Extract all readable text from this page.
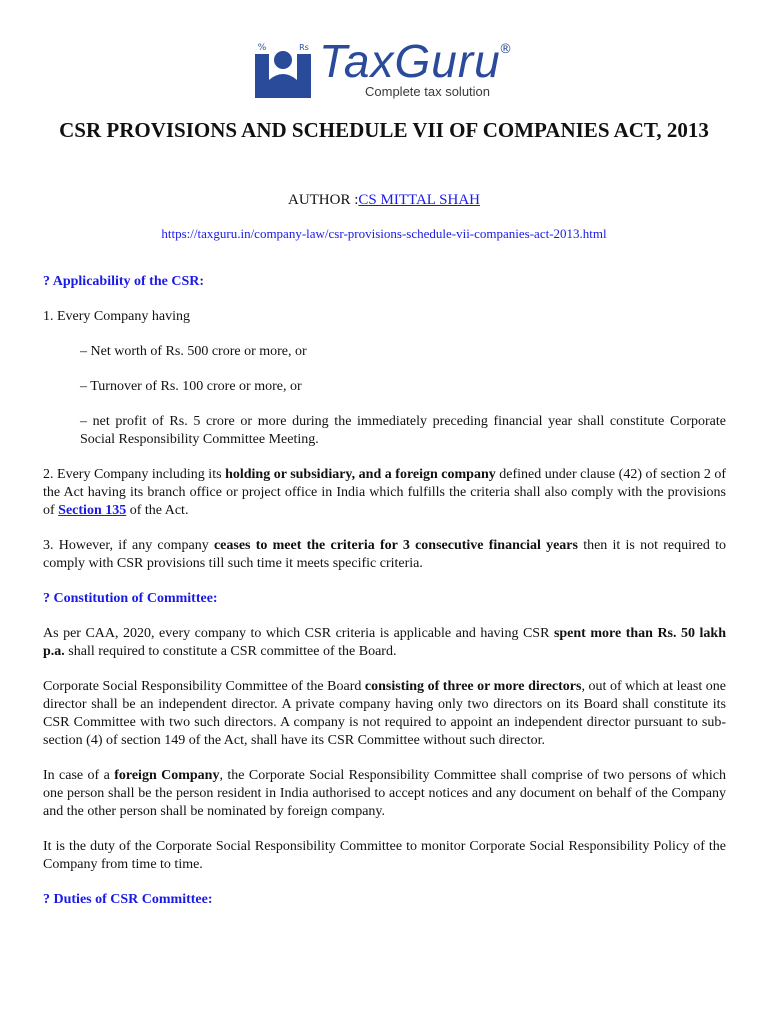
%	Rs TaxGuru
®
Complete tax solution
CSR PROVISIONS AND SCHEDULE VII OF COMPANIES ACT, 2013
AUTHOR :CS MITTAL SHAH
https://taxguru.in/company-law/csr-provisions-schedule-vii-companies-act-2013.html

? Applicability of the CSR:

1. Every Company having

– Net worth of Rs. 500 crore or more, or

– Turnover of Rs. 100 crore or more, or

– net profit of Rs. 5 crore or more during the immediately preceding financial year shall constitute Corporate Social Responsibility Committee Meeting.

2. Every Company including its holding or subsidiary, and a foreign company defined under clause (42) of section 2 of the Act having its branch office or project office in India which fulfills the criteria shall also comply with the provisions of Section 135 of the Act.

3. However, if any company ceases to meet the criteria for 3 consecutive financial years then it is not required to comply with CSR provisions till such time it meets specific criteria.

? Constitution of Committee:

As per CAA, 2020, every company to which CSR criteria is applicable and having CSR spent more than Rs. 50 lakh p.a. shall required to constitute a CSR committee of the Board.

Corporate Social Responsibility Committee of the Board consisting of three or more directors, out of which at least one director shall be an independent director. A private company having only two directors on its Board shall constitute its CSR Committee with two such directors. A company is not required to appoint an independent director pursuant to sub-section (4) of section 149 of the Act, shall have its CSR Committee without such director.

In case of a foreign Company, the Corporate Social Responsibility Committee shall comprise of two persons of which one person shall be the person resident in India authorised to accept notices and any document on behalf of the Company and the other person shall be nominated by foreign company.

It is the duty of the Corporate Social Responsibility Committee to monitor Corporate Social Responsibility Policy of the Company from time to time.

? Duties of CSR Committee:
